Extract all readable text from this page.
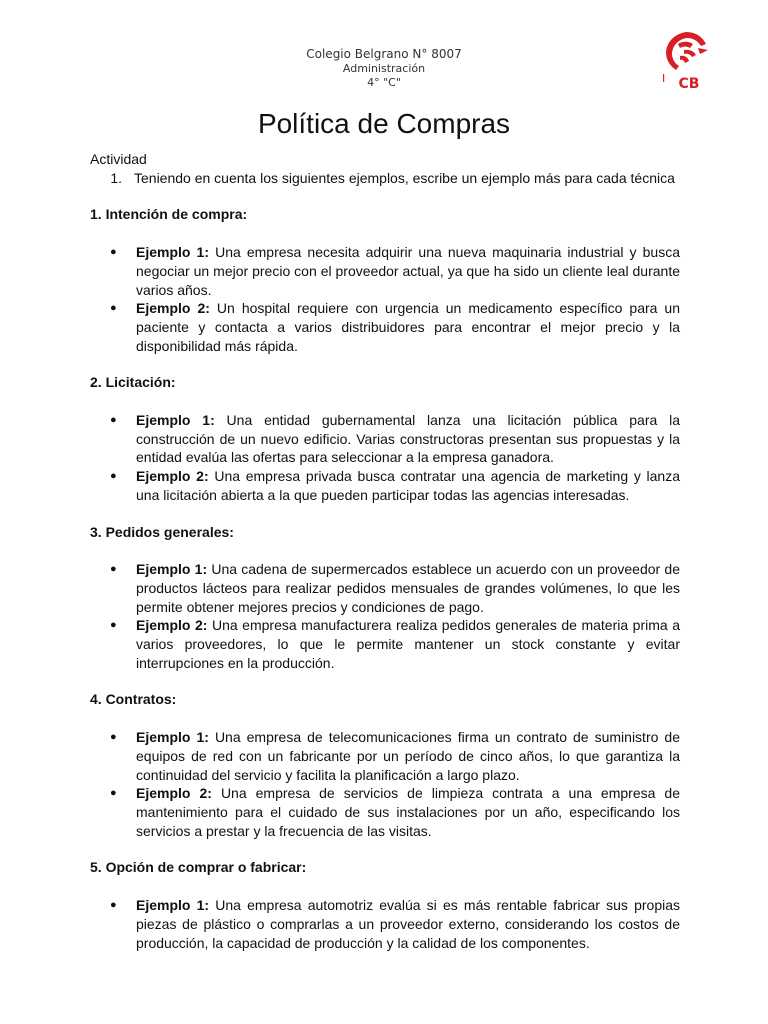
Colegio Belgrano N° 8007
Administración
4° "C"	CB
Política de Compras

Actividad

1. Teniendo en cuenta los siguientes ejemplos, escribe un ejemplo más para cada técnica

1. Intención de compra:

●	Ejemplo 1: Una empresa necesita adquirir una nueva maquinaria industrial y busca negociar un mejor precio con el proveedor actual, ya que ha sido un cliente leal durante varios años.
●	Ejemplo 2: Un hospital requiere con urgencia un medicamento específico para un paciente y contacta a varios distribuidores para encontrar el mejor precio y la disponibilidad más rápida.

2. Licitación:

●	Ejemplo 1: Una entidad gubernamental lanza una licitación pública para la construcción de un nuevo edificio. Varias constructoras presentan sus propuestas y la entidad evalúa las ofertas para seleccionar a la empresa ganadora.
●	Ejemplo 2: Una empresa privada busca contratar una agencia de marketing y lanza una licitación abierta a la que pueden participar todas las agencias interesadas.

3. Pedidos generales:

●	Ejemplo 1: Una cadena de supermercados establece un acuerdo con un proveedor de productos lácteos para realizar pedidos mensuales de grandes volúmenes, lo que les permite obtener mejores precios y condiciones de pago.
●	Ejemplo 2: Una empresa manufacturera realiza pedidos generales de materia prima a varios proveedores, lo que le permite mantener un stock constante y evitar interrupciones en la producción.

4. Contratos:

●	Ejemplo 1: Una empresa de telecomunicaciones firma un contrato de suministro de equipos de red con un fabricante por un período de cinco años, lo que garantiza la continuidad del servicio y facilita la planificación a largo plazo.
●	Ejemplo 2: Una empresa de servicios de limpieza contrata a una empresa de mantenimiento para el cuidado de sus instalaciones por un año, especificando los servicios a prestar y la frecuencia de las visitas.

5. Opción de comprar o fabricar:

●	Ejemplo 1: Una empresa automotriz evalúa si es más rentable fabricar sus propias piezas de plástico o comprarlas a un proveedor externo, considerando los costos de producción, la capacidad de producción y la calidad de los componentes.
